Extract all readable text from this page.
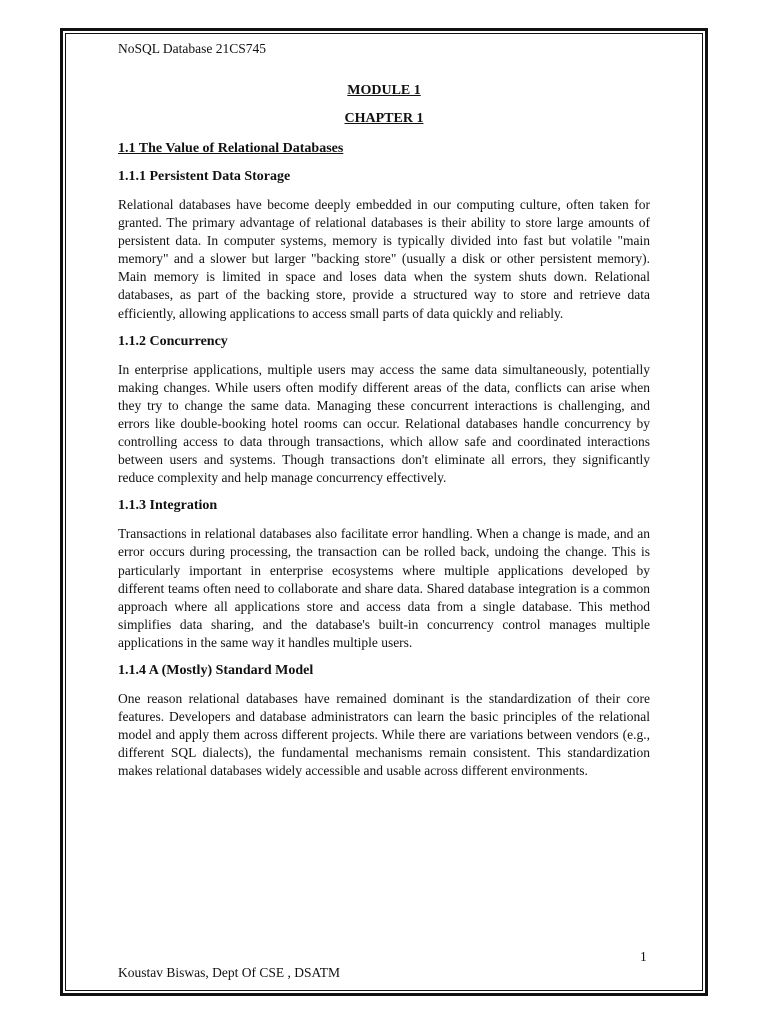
NoSQL Database 21CS745
MODULE 1
CHAPTER 1
1.1 The Value of Relational Databases
1.1.1 Persistent Data Storage

Relational databases have become deeply embedded in our computing culture, often taken for granted. The primary advantage of relational databases is their ability to store large amounts of persistent data. In computer systems, memory is typically divided into fast but volatile "main memory" and a slower but larger "backing store" (usually a disk or other persistent memory). Main memory is limited in space and loses data when the system shuts down. Relational databases, as part of the backing store, provide a structured way to store and retrieve data efficiently, allowing applications to access small parts of data quickly and reliably.

1.1.2 Concurrency

In enterprise applications, multiple users may access the same data simultaneously, potentially making changes. While users often modify different areas of the data, conflicts can arise when they try to change the same data. Managing these concurrent interactions is challenging, and errors like double-booking hotel rooms can occur. Relational databases handle concurrency by controlling access to data through transactions, which allow safe and coordinated interactions between users and systems. Though transactions don't eliminate all errors, they significantly reduce complexity and help manage concurrency effectively.

1.1.3 Integration

Transactions in relational databases also facilitate error handling. When a change is made, and an error occurs during processing, the transaction can be rolled back, undoing the change. This is particularly important in enterprise ecosystems where multiple applications developed by different teams often need to collaborate and share data. Shared database integration is a common approach where all applications store and access data from a single database. This method simplifies data sharing, and the database's built-in concurrency control manages multiple applications in the same way it handles multiple users.

1.1.4 A (Mostly) Standard Model

One reason relational databases have remained dominant is the standardization of their core features. Developers and database administrators can learn the basic principles of the relational model and apply them across different projects. While there are variations between vendors (e.g., different SQL dialects), the fundamental mechanisms remain consistent. This standardization makes relational databases widely accessible and usable across different environments.

1
Koustav Biswas, Dept Of CSE , DSATM
